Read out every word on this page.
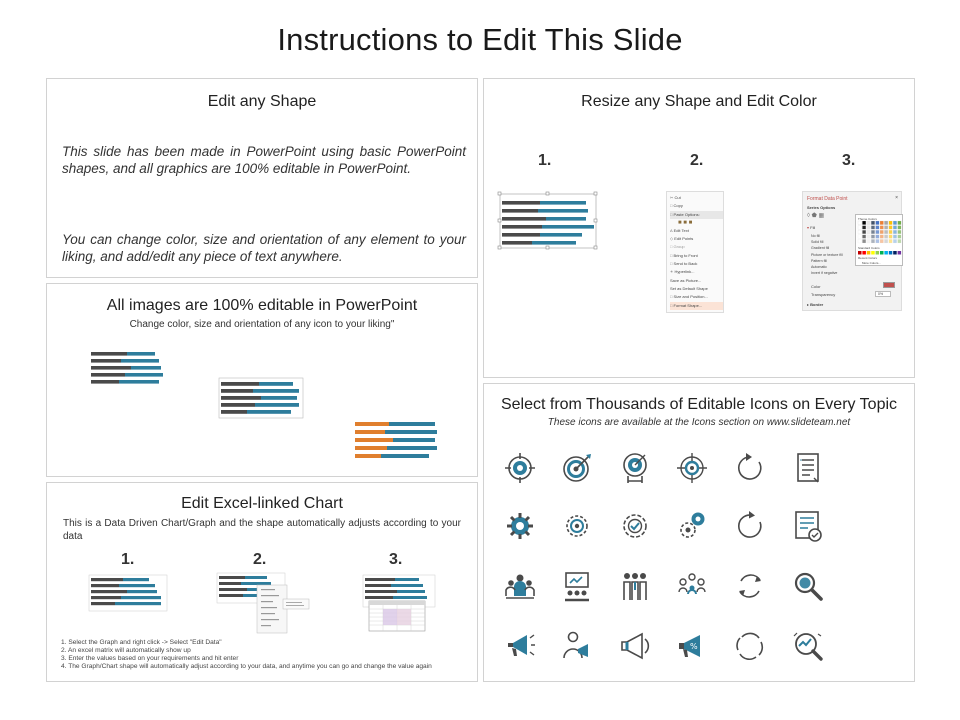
Instructions to Edit This Slide
Edit any Shape
This slide has been made in PowerPoint using basic PowerPoint shapes, and all graphics are 100% editable in PowerPoint.
You can change color, size and orientation of any element to your liking, and add/edit any piece of text anywhere.
Resize any Shape and Edit Color
1.	2.	3.
✂ Cut
□ Copy
□ Paste Options:
■ ■ ■
A Edit Text
◇ Edit Points
□ Group
□ Bring to Front
□ Send to Back
⚭ Hyperlink...
Save as Picture...
Set as Default Shape
□ Size and Position...
□ Format Shape...
Format Data Point	×
Series Options
◊ ⬟ ▦
▾ Fill
No fill
Solid fill
Gradient fill
Picture or texture fill
Pattern fill
Automatic
Invert if negative
Color
Transparency	0%
▸ Border
Theme Colors
Standard Colors
Recent Colors
More Colors...
All images are 100% editable in PowerPoint
Change color, size and orientation of any icon to your liking"
Edit Excel-linked Chart
This is a Data Driven Chart/Graph and the shape automatically adjusts according to your data
1.	2.	3.
1. Select the Graph and right click -> Select "Edit Data"
2. An excel matrix will automatically show up
3. Enter the values based on your requirements and hit enter
4. The Graph/Chart shape will automatically adjust according to your data, and anytime you can go and change the value again
Select from Thousands of Editable Icons on Every Topic
These icons are available at the Icons section on www.slideteam.net
%
